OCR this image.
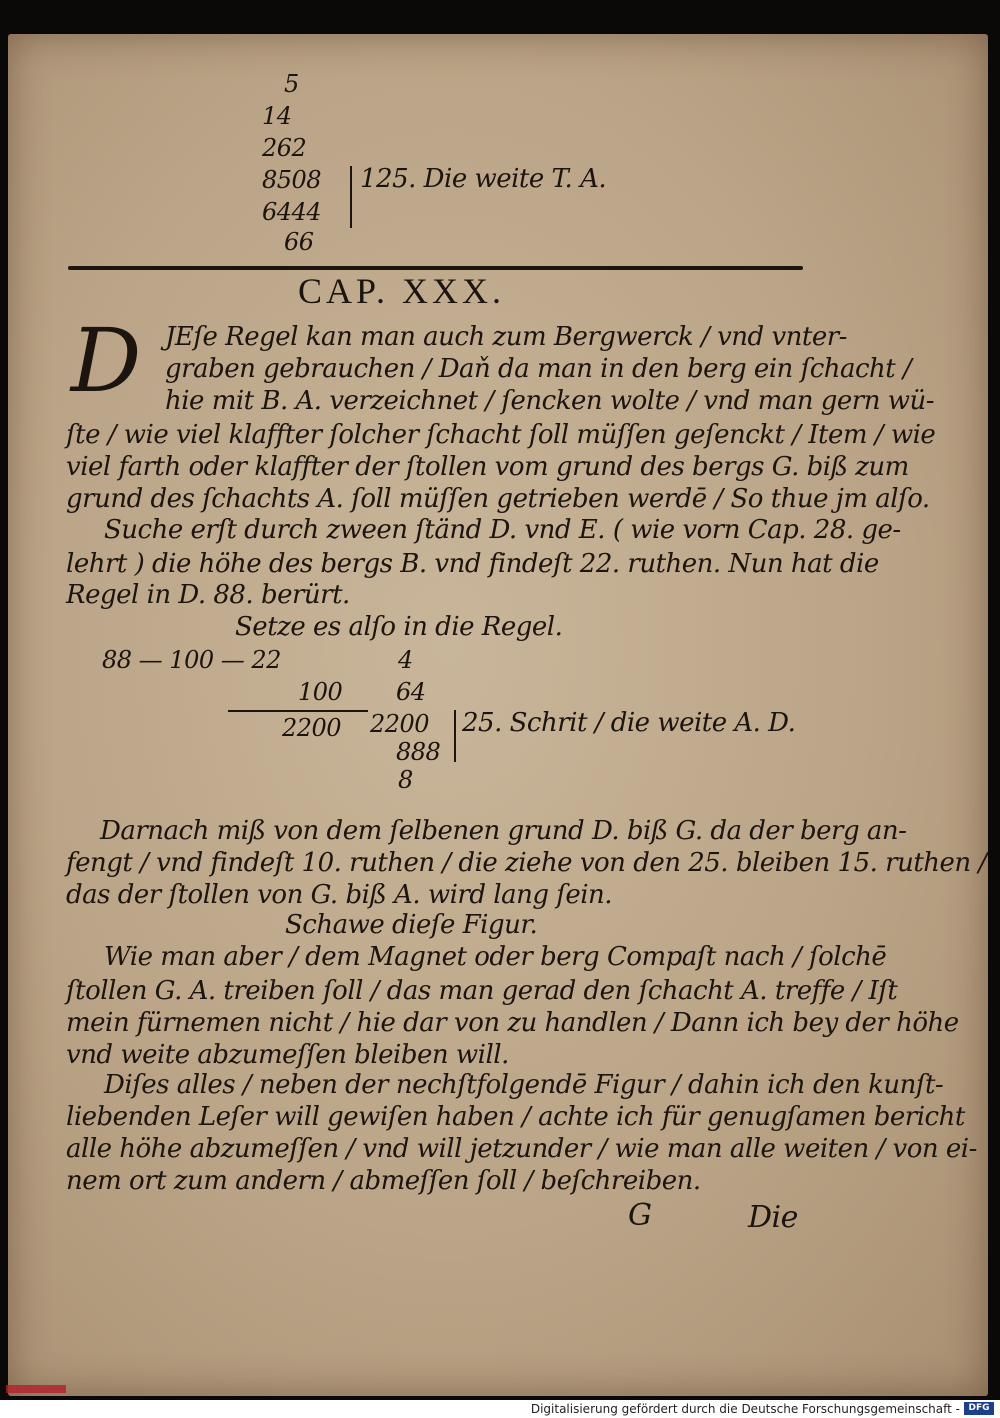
5
14
262
8508 125. Die weite T. A.
6444
66
CAP. XXX.
D JEſe Regel kan man auch zum Bergwerck / vnd vnter-
graben gebrauchen / Daň da man in den berg ein ſchacht /
hie mit B. A. verzeichnet / ſencken wolte / vnd man gern wü-
ſte / wie viel klaffter ſolcher ſchacht ſoll müſſen geſenckt / Item / wie
viel farth oder klaffter der ſtollen vom grund des bergs G. biß zum
grund des ſchachts A. ſoll müſſen getrieben werdē / So thue jm alſo.
Suche erſt durch zween ſtänd D. vnd E. ( wie vorn Cap. 28. ge-
lehrt ) die höhe des bergs B. vnd findeſt 22. ruthen. Nun hat die
Regel in D. 88. berürt.
Setze es alſo in die Regel.
88 — 100 — 22
100
2200
4
64
2200 25. Schrit / die weite A. D.
888
8
Darnach miß von dem ſelbenen grund D. biß G. da der berg an-
fengt / vnd findeſt 10. ruthen / die ziehe von den 25. bleiben 15. ruthen /
das der ſtollen von G. biß A. wird lang ſein.
Schawe dieſe Figur.
Wie man aber / dem Magnet oder berg Compaſt nach / ſolchē
ſtollen G. A. treiben ſoll / das man gerad den ſchacht A. treffe / Iſt
mein fürnemen nicht / hie dar von zu handlen / Dann ich bey der höhe
vnd weite abzumeſſen bleiben will.
Diſes alles / neben der nechſtfolgendē Figur / dahin ich den kunſt-
liebenden Leſer will gewiſen haben / achte ich für genugſamen bericht
alle höhe abzumeſſen / vnd will jetzunder / wie man alle weiten / von ei-
nem ort zum andern / abmeſſen ſoll / beſchreiben.
G	Die
Digitalisierung gefördert durch die Deutsche Forschungsgemeinschaft - DFG
